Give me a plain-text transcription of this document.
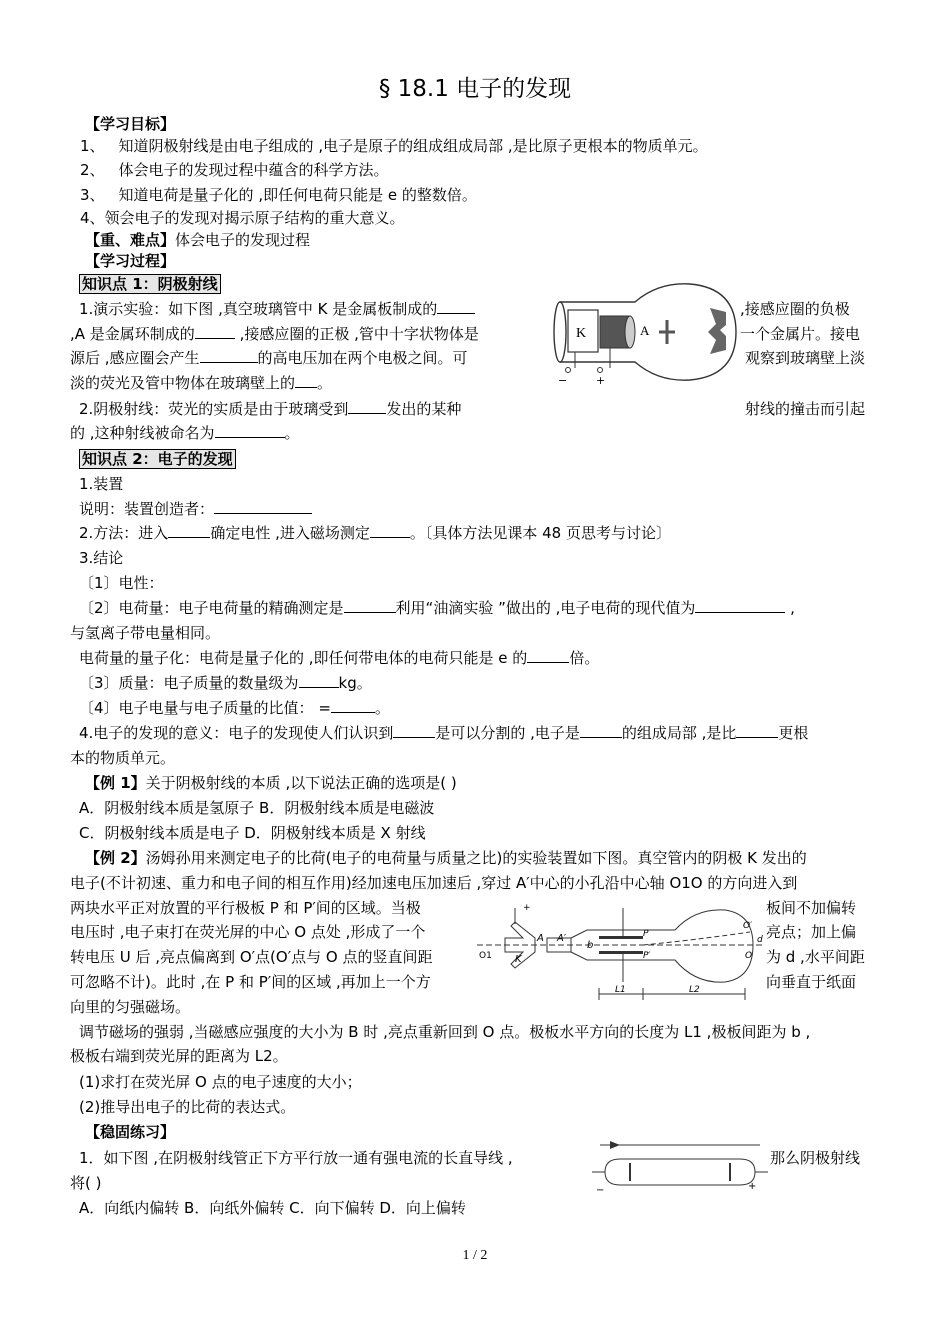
§ 18.1 电子的发现
【学习目标】
1、 知道阴极射线是由电子组成的 ,电子是原子的组成组成局部 ,是比原子更根本的物质单元。
2、 体会电子的发现过程中蕴含的科学方法。
3、 知道电荷是量子化的 ,即任何电荷只能是 e 的整数倍。
4、领会电子的发现对揭示原子结构的重大意义。
【重、难点】体会电子的发现过程
【学习过程】
知识点 1：阴极射线
1.演示实验：如下图 ,真空玻璃管中 K 是金属板制成的	,接感应圈的负极
,A 是金属环制成的	,接感应圈的正极 ,管中十字状物体是	一个金属片。接电
源后 ,感应圈会产生	的高电压加在两个电极之间。可	观察到玻璃壁上淡
淡的荧光及管中物体在玻璃壁上的 。
2.阴极射线：荧光的实质是由于玻璃受到	发出的某种	射线的撞击而引起
的 ,这种射线被命名为	。
K	A
−	+
知识点 2：电子的发现
1.装置
说明：装置创造者：
2.方法：进入	确定电性 ,进入磁场测定	。〔具体方法见课本 48 页思考与讨论〕
3.结论
〔1〕电性：
〔2〕电荷量：电子电荷量的精确测定是	利用“油滴实验 ”做出的 ,电子电荷的现代值为	,
与氢离子带电量相同。
电荷量的量子化：电荷是量子化的 ,即任何带电体的电荷只能是 e 的	倍。
〔3〕质量：电子质量的数量级为	kg。
〔4〕电子电量与电子质量的比值： =	。
4.电子的发现的意义：电子的发现使人们认识到	是可以分割的 ,电子是	的组成局部 ,是比	更根
本的物质单元。
【例 1】关于阴极射线的本质 ,以下说法正确的选项是( )
A．阴极射线本质是氢原子 B．阴极射线本质是电磁波
C．阴极射线本质是电子 D．阴极射线本质是 X 射线
【例 2】汤姆孙用来测定电子的比荷(电子的电荷量与质量之比)的实验装置如下图。真空管内的阴极 K 发出的
电子(不计初速、重力和电子间的相互作用)经加速电压加速后 ,穿过 A′中心的小孔沿中心轴 O1O 的方向进入到
两块水平正对放置的平行极板 P 和 P′间的区域。当极	板间不加偏转
电压时 ,电子束打在荧光屏的中心 O 点处 ,形成了一个	亮点；加上偏
转电压 U 后 ,亮点偏离到 O′点(O′点与 O 点的竖直间距	为 d ,水平间距
可忽略不计)。此时 ,在 P 和 P′间的区域 ,再加上一个方	向垂直于纸面
向里的匀强磁场。
调节磁场的强弱 ,当磁感应强度的大小为 B 时 ,亮点重新回到 O 点。极板水平方向的长度为 L1 ,极板间距为 b ,
极板右端到荧光屏的距离为 L2。
(1)求打在荧光屏 O 点的电子速度的大小；
(2)推导出电子的比荷的表达式。
O1 K
A A′
+
b
P
P′
O′
d
O
L1	L2
【稳固练习】
1．如下图 ,在阴极射线管正下方平行放一通有强电流的长直导线 ,	那么阴极射线
将( )
A．向纸内偏转 B．向纸外偏转 C．向下偏转 D．向上偏转
−	+
1 / 2
